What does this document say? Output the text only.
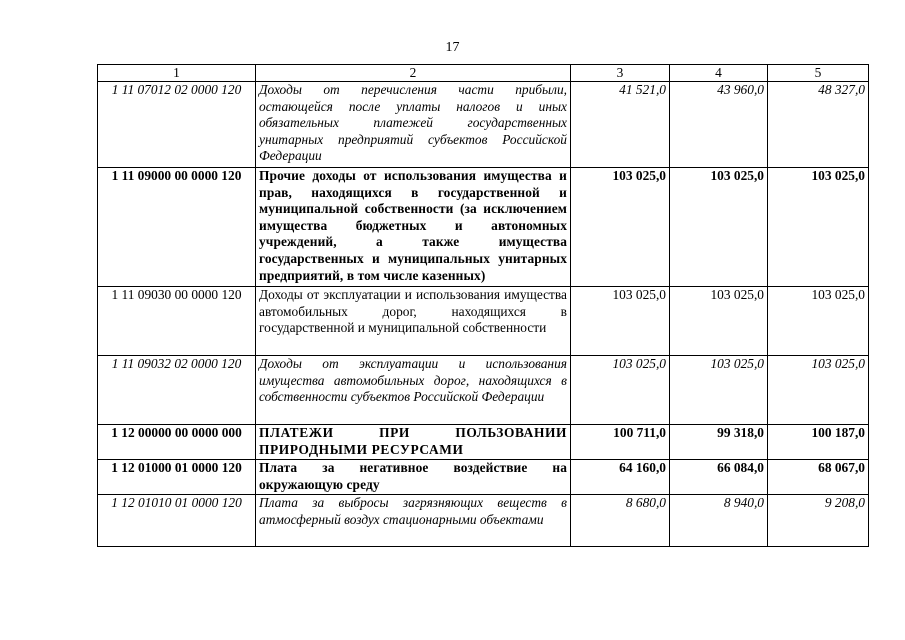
17
1	2	3	4	5
1 11 07012 02 0000 120	Доходы от перечисления части прибыли, остающейся после уплаты налогов и иных обязательных платежей государственных унитарных предприятий субъектов Российской Федерации	41 521,0	43 960,0	48 327,0
1 11 09000 00 0000 120	Прочие доходы от использования имущества и прав, находящихся в государственной и муниципальной собственности (за исключением имущества бюджетных и автономных учреждений, а также имущества государственных и муниципальных унитарных предприятий, в том числе казенных)	103 025,0	103 025,0	103 025,0
1 11 09030 00 0000 120	Доходы от эксплуатации и использования имущества автомобильных дорог, находящихся в государственной и муниципальной собственности	103 025,0	103 025,0	103 025,0
1 11 09032 02 0000 120	Доходы от эксплуатации и использования имущества автомобильных дорог, находящихся в собственности субъектов Российской Федерации	103 025,0	103 025,0	103 025,0
1 12 00000 00 0000 000	ПЛАТЕЖИ ПРИ ПОЛЬЗОВАНИИ ПРИРОДНЫМИ РЕСУРСАМИ	100 711,0	99 318,0	100 187,0
1 12 01000 01 0000 120	Плата за негативное воздействие на окружающую среду	64 160,0	66 084,0	68 067,0
1 12 01010 01 0000 120	Плата за выбросы загрязняющих веществ в атмосферный воздух стационарными объектами	8 680,0	8 940,0	9 208,0
